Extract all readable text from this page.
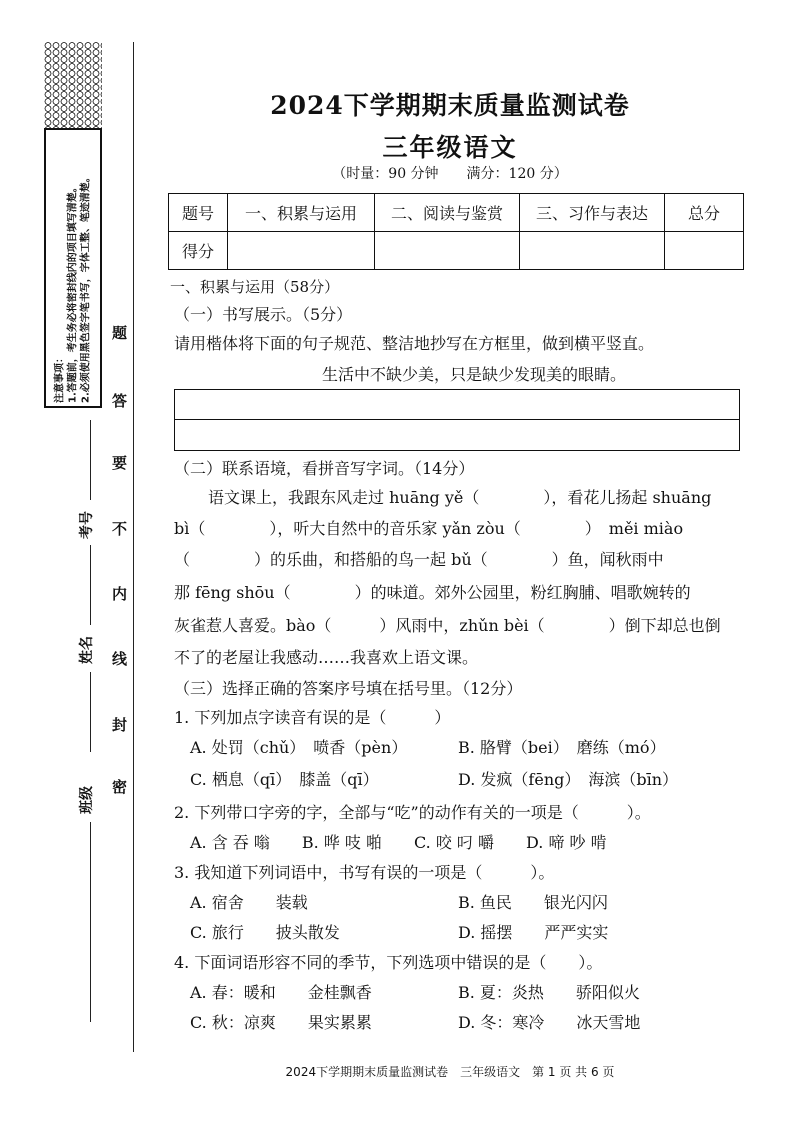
注意事项： 1.答题前，考生务必将密封线内的项目填写清楚。 2.必须使用黑色签字笔书写，字体工整、笔迹清楚。 题
答
要
不
内
线
封
密
考号
姓名
班级
2024下学期期末质量监测试卷
三年级语文
（时量：90 分钟　　满分：120 分）
题号	一、积累与运用	二、阅读与鉴赏	三、习作与表达	总分
得分				
一、积累与运用（58分）
（一）书写展示。（5分）
请用楷体将下面的句子规范、整洁地抄写在方框里，做到横平竖直。
生活中不缺少美，只是缺少发现美的眼睛。
（二）联系语境，看拼音写字词。（14分）
语文课上，我跟东风走过 huāng yě（　　　　），看花儿扬起 shuāng
bì（　　　　），听大自然中的音乐家 yǎn zòu（　　　　）　měi miào
（　　　　）的乐曲，和搭船的鸟一起 bǔ（　　　　）鱼，闻秋雨中
那 fēng shōu（　　　　）的味道。郊外公园里，粉红胸脯、唱歌婉转的
灰雀惹人喜爱。bào（　　　）风雨中，zhǔn bèi（　　　　）倒下却总也倒
不了的老屋让我感动……我喜欢上语文课。
（三）选择正确的答案序号填在括号里。（12分）
1. 下列加点字读音有误的是（　　　）
A. 处罚（chǔ）　喷香（pèn）	B. 胳臂（bei）　磨练（mó）
C. 栖息（qī）　膝盖（qī）	D. 发疯（fēng）　海滨（bīn）
2. 下列带口字旁的字，全部与“吃”的动作有关的一项是（　　　）。
A. 含 吞 嗡　　B. 哗 吱 啪　　C. 咬 叼 嚼　　D. 啼 吵 啃
3. 我知道下列词语中，书写有误的一项是（　　　）。
A. 宿舍　　装载	B. 鱼民　　银光闪闪
C. 旅行　　披头散发	D. 摇摆　　严严实实
4. 下面词语形容不同的季节，下列选项中错误的是（　　）。
A. 春：暖和　　金桂飘香	B. 夏：炎热　　骄阳似火
C. 秋：凉爽　　果实累累	D. 冬：寒冷　　冰天雪地
2024下学期期末质量监测试卷　三年级语文　第 1 页 共 6 页
